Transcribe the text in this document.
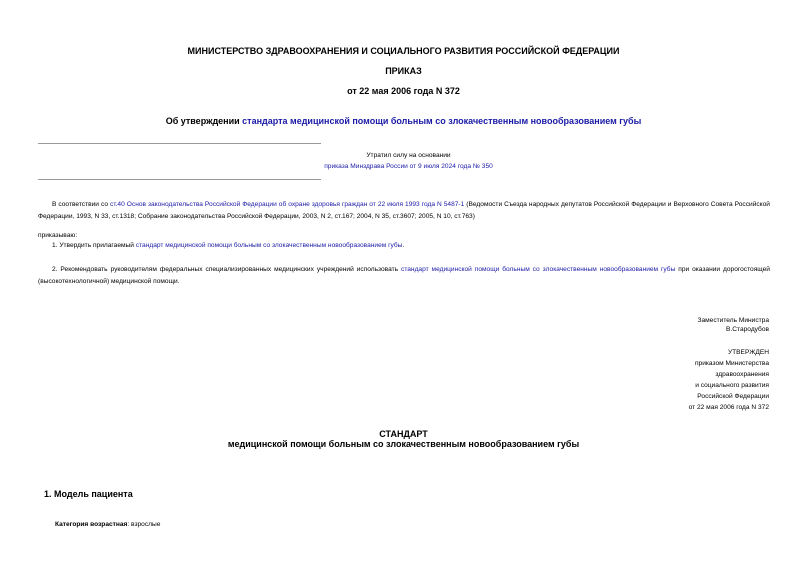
МИНИСТЕРСТВО ЗДРАВООХРАНЕНИЯ И СОЦИАЛЬНОГО РАЗВИТИЯ РОССИЙСКОЙ ФЕДЕРАЦИИ
ПРИКАЗ
от 22 мая 2006 года N 372
Об утверждении стандарта медицинской помощи больным со злокачественным новообразованием губы
Утратил силу на основании
приказа Минздрава России от 9 июля 2024 года № 350

В соответствии со ст.40 Основ законодательства Российской Федерации об охране здоровья граждан от 22 июля 1993 года N 5487-1 (Ведомости Съезда народных депутатов Российской Федерации и Верховного Совета Российской Федерации, 1993, N 33, ст.1318; Собрание законодательства Российской Федерации, 2003, N 2, ст.167; 2004, N 35, ст.3607; 2005, N 10, ст.763)

приказываю:

1. Утвердить прилагаемый стандарт медицинской помощи больным со злокачественным новообразованием губы.

2. Рекомендовать руководителям федеральных специализированных медицинских учреждений использовать стандарт медицинской помощи больным со злокачественным новообразованием губы при оказании дорогостоящей (высокотехнологичной) медицинской помощи.

Заместитель Министра
В.Стародубов
УТВЕРЖДЕН
приказом Министерства
здравоохранения
и социального развития
Российской Федерации
от 22 мая 2006 года N 372
СТАНДАРТ
медицинской помощи больным со злокачественным новообразованием губы
1. Модель пациента
Категория возрастная: взрослые
